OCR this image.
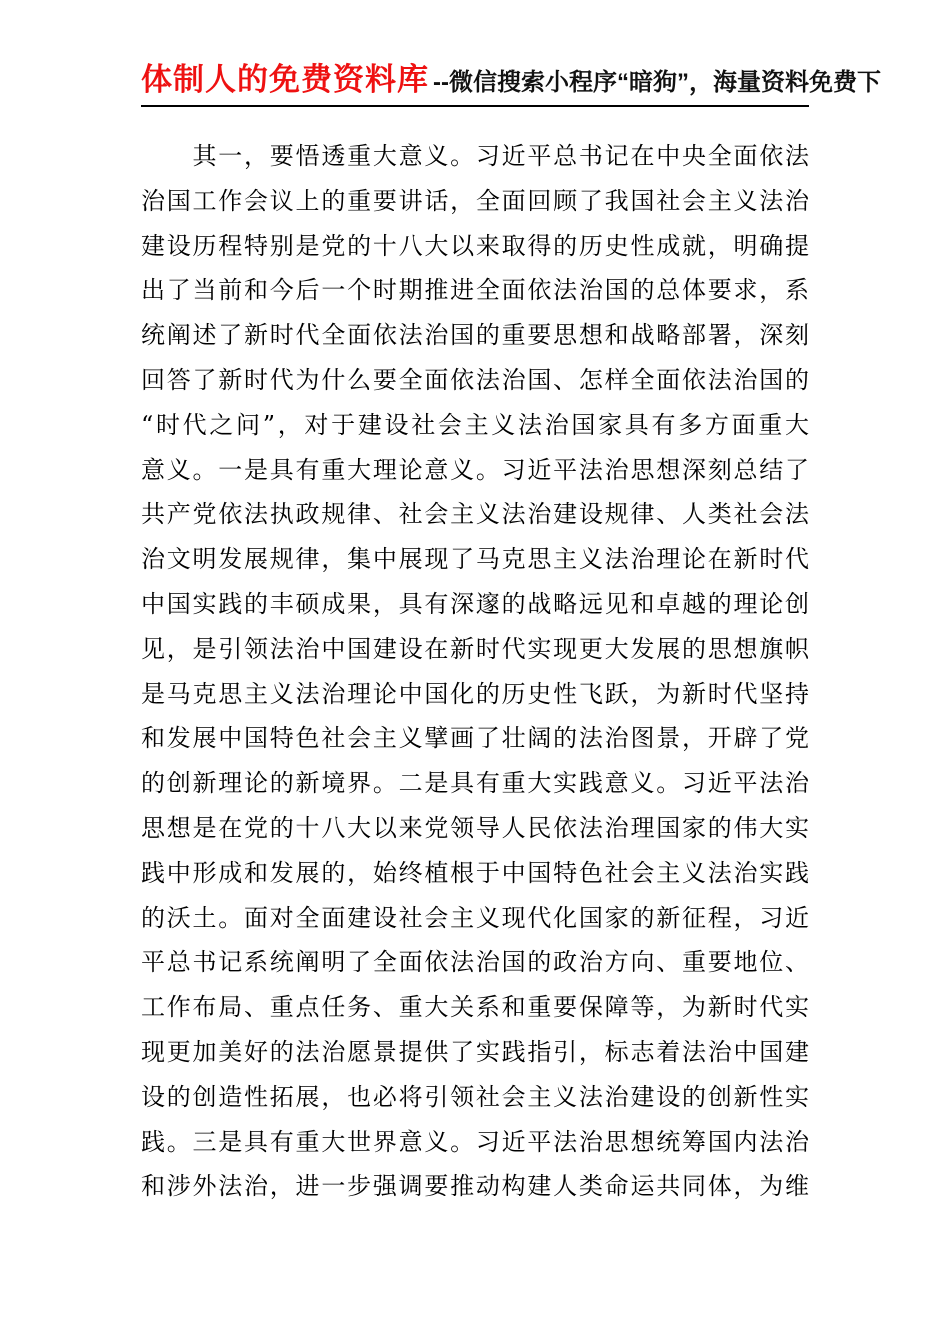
体制人的免费资料库 --微信搜索小程序“暗狗”，海量资料免费下
　　其一，要悟透重大意义。习近平总书记在中央全面依法
治国工作会议上的重要讲话，全面回顾了我国社会主义法治
建设历程特别是党的十八大以来取得的历史性成就，明确提
出了当前和今后一个时期推进全面依法治国的总体要求，系
统阐述了新时代全面依法治国的重要思想和战略部署，深刻
回答了新时代为什么要全面依法治国、怎样全面依法治国的
“时代之问”，对于建设社会主义法治国家具有多方面重大
意义。一是具有重大理论意义。习近平法治思想深刻总结了
共产党依法执政规律、社会主义法治建设规律、人类社会法
治文明发展规律，集中展现了马克思主义法治理论在新时代
中国实践的丰硕成果，具有深邃的战略远见和卓越的理论创
见，是引领法治中国建设在新时代实现更大发展的思想旗帜
是马克思主义法治理论中国化的历史性飞跃，为新时代坚持
和发展中国特色社会主义擘画了壮阔的法治图景，开辟了党
的创新理论的新境界。二是具有重大实践意义。习近平法治
思想是在党的十八大以来党领导人民依法治理国家的伟大实
践中形成和发展的，始终植根于中国特色社会主义法治实践
的沃土。面对全面建设社会主义现代化国家的新征程，习近
平总书记系统阐明了全面依法治国的政治方向、重要地位、
工作布局、重点任务、重大关系和重要保障等，为新时代实
现更加美好的法治愿景提供了实践指引，标志着法治中国建
设的创造性拓展，也必将引领社会主义法治建设的创新性实
践。三是具有重大世界意义。习近平法治思想统筹国内法治
和涉外法治，进一步强调要推动构建人类命运共同体，为维
